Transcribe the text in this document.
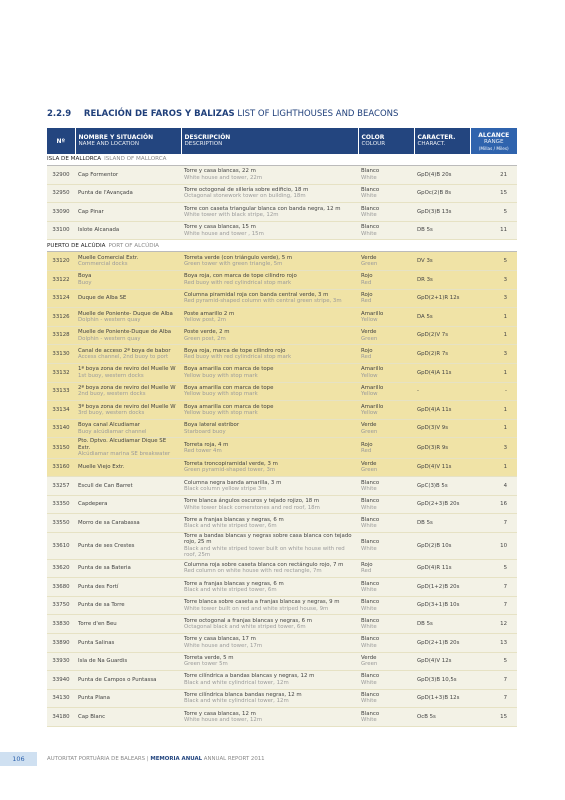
2.2.9 RELACIÓN DE FAROS Y BALIZAS LIST OF LIGHTHOUSES AND BEACONS
Nº	NOMBRE Y SITUACIÓN
NAME AND LOCATION	DESCRIPCIÓN
DESCRIPTION	COLOR
COLOUR	CARACTER.
CHARACT.	ALCANCE
RANGE
(Millas / Miles)

ISLA DE MALLORCA ISLAND OF MALLORCA					
32900	Cap Formentor	Torre y casa blancas, 22 m
White house and tower, 22m	Blanco
White	GpD(4)B 20s	21
32950	Punta de l'Avançada	Torre octogonal de sillería sobre edificio, 18 m
Octagonal stonework tower on building, 18m	Blanco
White	GpOc(2)B 8s	15
33090	Cap Pinar	Torre con caseta triangular blanca con banda negra, 12 m
White tower with black stripe, 12m	Blanco
White	GpD(3)B 13s	5
33100	Islote Alcanada	Torre y casa blancas, 15 m
White house and tower , 15m	Blanco
White	DB 5s	11
PUERTO DE ALCÚDIA PORT OF ALCÚDIA					
33120	Muelle Comercial Extr.
Commercial docks	Torreta verde (con triángulo verde), 5 m
Green tower with green triangle, 5m	Verde
Green	DV 3s	5
33122	Boya
Buoy	Boya roja, con marca de tope cilindro rojo
Red buoy with red cylindrical stop mark	Rojo
Red	DR 3s	3
33124	Duque de Alba SE	Columna piramidal roja con banda central verde, 3 m
Red pyramid-shaped column with central green stripe, 3m	Rojo
Red	GpD(2+1)R 12s	3
33126	Muelle de Poniente- Duque de Alba
Dolphin - western quay	Poste amarillo 2 m
Yellow post, 2m	Amarillo
Yellow	DA 5s	1
33128	Muelle de Poniente-Duque de Alba
Dolphin - western quay	Poste verde, 2 m
Green post, 2m	Verde
Green	GpD(2)V 7s	1
33130	Canal de acceso 2ª boya de babor
Access channel, 2nd buoy to port	Boya roja, marca de tope cilindro rojo
Red buoy with red cylindrical stop mark	Rojo
Red	GpD(2)R 7s	3
33132	1ª boya zona de reviro del Muelle W
1st buoy, western docks	Boya amarilla con marca de tope
Yellow buoy with stop mark	Amarillo
Yellow	GpD(4)A 11s	1
33133	2ª boya zona de reviro del Muelle W
2nd buoy, western docks	Boya amarilla con marca de tope
Yellow buoy with stop mark	Amarillo
Yellow	-	-
33134	3ª boya zona de reviro del Muelle W
3rd buoy, western docks	Boya amarilla con marca de tope
Yellow buoy with stop mark	Amarillo
Yellow	GpD(4)A 11s	1
33140	Boya canal Alcudiamar
Buoy alcúdiamar channel	Boya lateral estribor
Starboard buoy	Verde
Green	GpD(3)V 9s	1
33150	Pto. Dptvo. Alcudiamar Dique SE Extr.
Alcúdiamar marina SE breakwater	Torreta roja, 4 m
Red tower 4m	Rojo
Red	GpD(3)R 9s	3
33160	Muelle Viejo Extr.	Torreta troncopiramidal verde, 3 m
Green pyramid-shaped tower, 3m	Verde
Green	GpD(4)V 11s	1
33257	Escull de Can Barret	Columna negra banda amarilla, 3 m
Black column yellow stripe 3m	Blanco
White	GpC(3)B 5s	4
33350	Capdepera	Torre blanca ángulos oscuros y tejado rojizo, 18 m
White tower black cornerstones and red roof, 18m	Blanco
White	GpD(2+3)B 20s	16
33550	Morro de sa Carabassa	Torre a franjas blancas y negras, 6 m
Black and white striped tower, 6m	Blanco
White	DB 5s	7
33610	Punta de ses Crestes	Torre a bandas blancas y negras sobre casa blanca con tejado rojo, 25 m
Black and white striped tower built on white house with red roof, 25m	Blanco
White	GpD(2)B 10s	10
33620	Punta de sa Bateria	Columna roja sobre caseta blanca con rectángulo rojo, 7 m
Red column on white house with red rectangle, 7m	Rojo
Red	GpD(4)R 11s	5
33680	Punta des Fortí	Torre a franjas blancas y negras, 6 m
Black and white striped tower, 6m	Blanco
White	GpD(1+2)B 20s	7
33750	Punta de sa Torre	Torre blanca sobre caseta a franjas blancas y negras, 9 m
White tower built on red and white striped house, 9m	Blanco
White	GpD(3+1)B 10s	7
33830	Torre d'en Beu	Torre octogonal a franjas blancas y negras, 6 m
Octagonal black and white striped tower, 6m	Blanco
White	DB 5s	12
33890	Punta Salinas	Torre y casa blancas, 17 m
White house and tower, 17m	Blanco
White	GpD(2+1)B 20s	13
33930	Isla de Na Guardis	Torreta verde, 5 m
Green tower 5m	Verde
Green	GpD(4)V 12s	5
33940	Punta de Campos o Puntassa	Torre cilíndrica a bandas blancas y negras, 12 m
Black and white cylindrical tower, 12m	Blanco
White	GpD(3)B 10,5s	7
34130	Punta Plana	Torre cilíndrica blanca bandas negras, 12 m
Black and white cylindrical tower, 12m	Blanco
White	GpD(1+3)B 12s	7
34180	Cap Blanc	Torre y casa blancas, 12 m
White house and tower, 12m	Blanco
White	OcB 5s	15
106	AUTORITAT PORTUÀRIA DE BALEARS | MEMORIA ANUAL ANNUAL REPORT 2011
